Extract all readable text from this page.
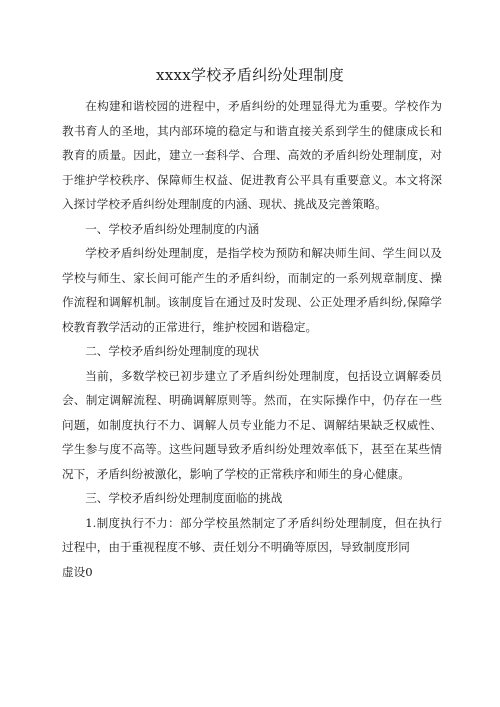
xxxx学校矛盾纠纷处理制度

在构建和谐校园的进程中，矛盾纠纷的处理显得尤为重要。学校作为教书育人的圣地，其内部环境的稳定与和谐直接关系到学生的健康成长和教育的质量。因此，建立一套科学、合理、高效的矛盾纠纷处理制度，对于维护学校秩序、保障师生权益、促进教育公平具有重要意义。本文将深入探讨学校矛盾纠纷处理制度的内涵、现状、挑战及完善策略。

一、学校矛盾纠纷处理制度的内涵

学校矛盾纠纷处理制度，是指学校为预防和解决师生间、学生间以及学校与师生、家长间可能产生的矛盾纠纷，而制定的一系列规章制度、操作流程和调解机制。该制度旨在通过及时发现、公正处理矛盾纠纷,保障学校教育教学活动的正常进行，维护校园和谐稳定。

二、学校矛盾纠纷处理制度的现状

当前，多数学校已初步建立了矛盾纠纷处理制度，包括设立调解委员会、制定调解流程、明确调解原则等。然而，在实际操作中，仍存在一些问题，如制度执行不力、调解人员专业能力不足、调解结果缺乏权威性、学生参与度不高等。这些问题导致矛盾纠纷处理效率低下，甚至在某些情况下，矛盾纠纷被激化，影响了学校的正常秩序和师生的身心健康。

三、学校矛盾纠纷处理制度面临的挑战

1.制度执行不力：部分学校虽然制定了矛盾纠纷处理制度，但在执行过程中，由于重视程度不够、责任划分不明确等原因，导致制度形同

虚设0
